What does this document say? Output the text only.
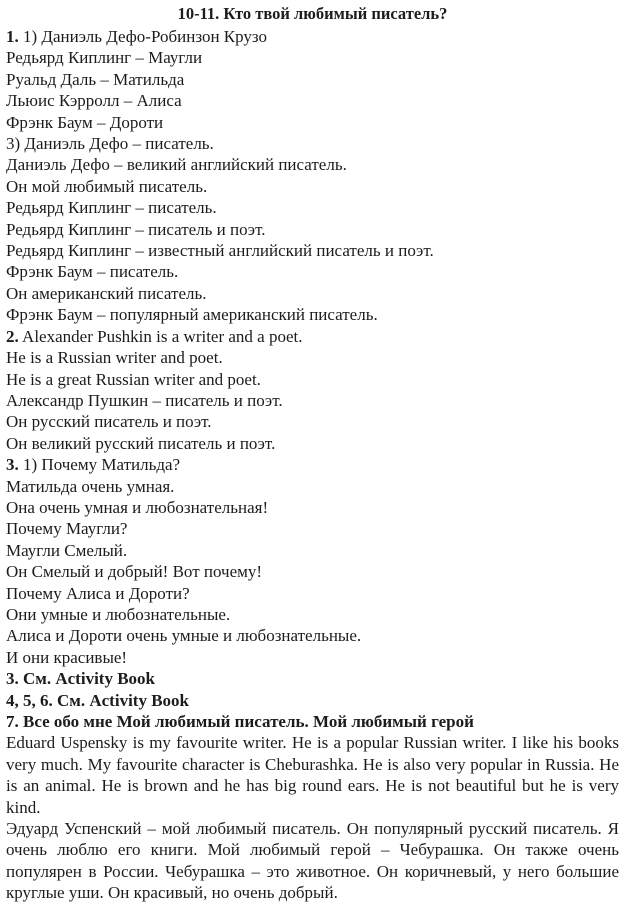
10-11. Кто твой любимый писатель?
1. 1) Даниэль Дефо-Робинзон Крузо
Редьярд Киплинг – Маугли
Руальд Даль – Матильда
Льюис Кэрролл – Алиса
Фрэнк Баум – Дороти
3) Даниэль Дефо – писатель.
Даниэль Дефо – великий английский писатель.
Он мой любимый писатель.
Редьярд Киплинг – писатель.
Редьярд Киплинг – писатель и поэт.
Редьярд Киплинг – известный английский писатель и поэт.
Фрэнк Баум – писатель.
Он американский писатель.
Фрэнк Баум – популярный американский писатель.
2. Alexander Pushkin is a writer and a poet.
He is a Russian writer and poet.
He is a great Russian writer and poet.
Александр Пушкин – писатель и поэт.
Он русский писатель и поэт.
Он великий русский писатель и поэт.
3. 1) Почему Матильда?
Матильда очень умная.
Она очень умная и любознательная!
Почему Маугли?
Маугли Смелый.
Он Смелый и добрый! Вот почему!
Почему Алиса и Дороти?
Они умные и любознательные.
Алиса и Дороти очень умные и любознательные.
И они красивые!
3. См. Activity Book
4, 5, 6. См. Activity Book
7. Все обо мне Мой любимый писатель. Мой любимый герой
Eduard Uspensky is my favourite writer. He is a popular Russian writer. I like his books very much. My favourite character is Cheburashka. He is also very popular in Russia. He is an animal. He is brown and he has big round ears. He is not beautiful but he is very kind.
Эдуард Успенский – мой любимый писатель. Он популярный русский писатель. Я очень люблю его книги. Мой любимый герой – Чебурашка. Он также очень популярен в России. Чебурашка – это животное. Он коричневый, у него большие круглые уши. Он красивый, но очень добрый.
